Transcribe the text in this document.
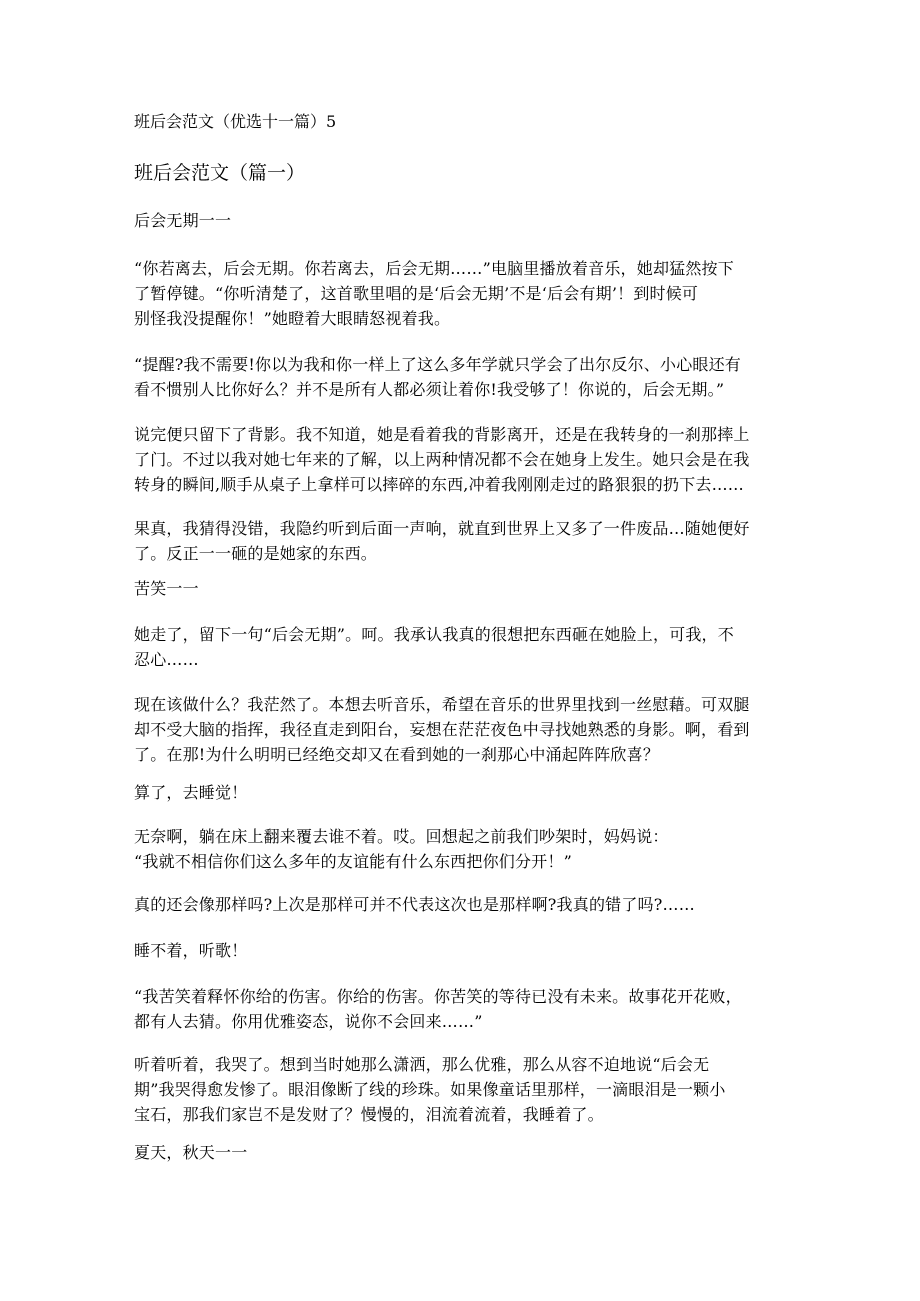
班后会范文（优选十一篇）5
班后会范文（篇一）
后会无期一一
“你若离去，后会无期。你若离去，后会无期……”电脑里播放着音乐，她却猛然按下
了暂停键。“你听清楚了，这首歌里唱的是‘后会无期’不是‘后会有期’！到时候可
别怪我没提醒你！”她瞪着大眼睛怒视着我。
“提醒?我不需要!你以为我和你一样上了这么多年学就只学会了出尔反尔、小心眼还有
看不惯别人比你好么？并不是所有人都必须让着你!我受够了！你说的，后会无期。”
说完便只留下了背影。我不知道，她是看着我的背影离开，还是在我转身的一刹那摔上
了门。不过以我对她七年来的了解，以上两种情况都不会在她身上发生。她只会是在我
转身的瞬间,顺手从桌子上拿样可以摔碎的东西,冲着我刚刚走过的路狠狠的扔下去……
果真，我猜得没错，我隐约听到后面一声响，就直到世界上又多了一件废品…随她便好
了。反正一一砸的是她家的东西。
苦笑一一
她走了，留下一句“后会无期”。呵。我承认我真的很想把东西砸在她脸上，可我，不
忍心……
现在该做什么？我茫然了。本想去听音乐，希望在音乐的世界里找到一丝慰藉。可双腿
却不受大脑的指挥，我径直走到阳台，妄想在茫茫夜色中寻找她熟悉的身影。啊，看到
了。在那!为什么明明已经绝交却又在看到她的一刹那心中涌起阵阵欣喜？
算了，去睡觉！
无奈啊，躺在床上翻来覆去谁不着。哎。回想起之前我们吵架时，妈妈说：
“我就不相信你们这么多年的友谊能有什么东西把你们分开！”
真的还会像那样吗?上次是那样可并不代表这次也是那样啊?我真的错了吗?……
睡不着，听歌！
“我苦笑着释怀你给的伤害。你给的伤害。你苦笑的等待已没有未来。故事花开花败，
都有人去猜。你用优雅姿态，说你不会回来……”
听着听着，我哭了。想到当时她那么潇洒，那么优雅，那么从容不迫地说“后会无
期”我哭得愈发惨了。眼泪像断了线的珍珠。如果像童话里那样，一滴眼泪是一颗小
宝石，那我们家岂不是发财了？慢慢的，泪流着流着，我睡着了。
夏天，秋天一一
